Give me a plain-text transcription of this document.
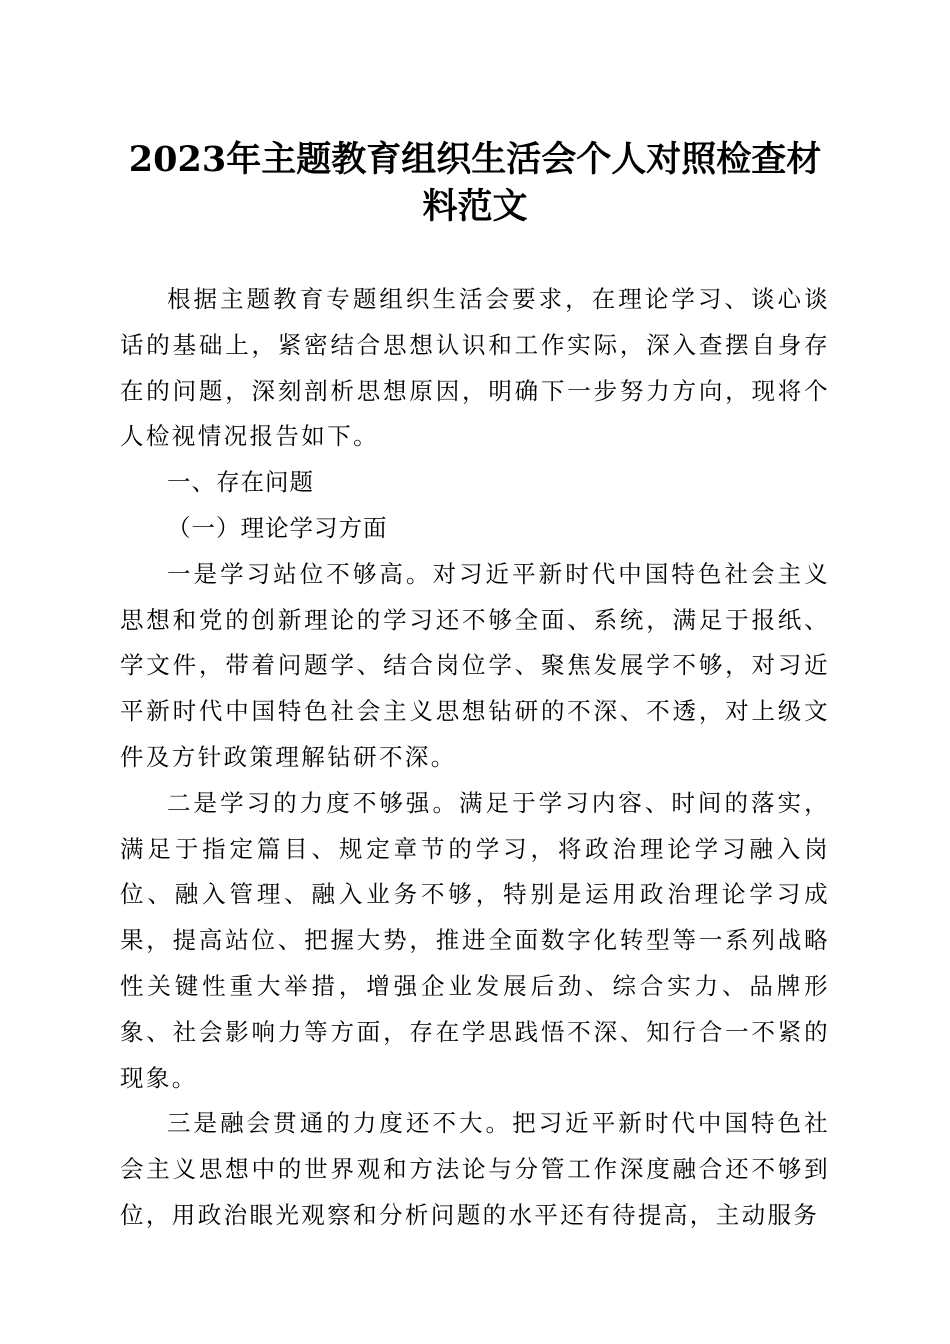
2023年主题教育组织生活会个人对照检查材料范文

根据主题教育专题组织生活会要求，在理论学习、谈心谈话的基础上，紧密结合思想认识和工作实际，深入查摆自身存在的问题，深刻剖析思想原因，明确下一步努力方向，现将个人检视情况报告如下。

一、存在问题

（一）理论学习方面

一是学习站位不够高。对习近平新时代中国特色社会主义思想和党的创新理论的学习还不够全面、系统，满足于报纸、学文件，带着问题学、结合岗位学、聚焦发展学不够，对习近平新时代中国特色社会主义思想钻研的不深、不透，对上级文件及方针政策理解钻研不深。

二是学习的力度不够强。满足于学习内容、时间的落实，满足于指定篇目、规定章节的学习，将政治理论学习融入岗位、融入管理、融入业务不够，特别是运用政治理论学习成果，提高站位、把握大势，推进全面数字化转型等一系列战略性关键性重大举措，增强企业发展后劲、综合实力、品牌形象、社会影响力等方面，存在学思践悟不深、知行合一不紧的现象。

三是融会贯通的力度还不大。把习近平新时代中国特色社会主义思想中的世界观和方法论与分管工作深度融合还不够到位，用政治眼光观察和分析问题的水平还有待提高，主动服务
